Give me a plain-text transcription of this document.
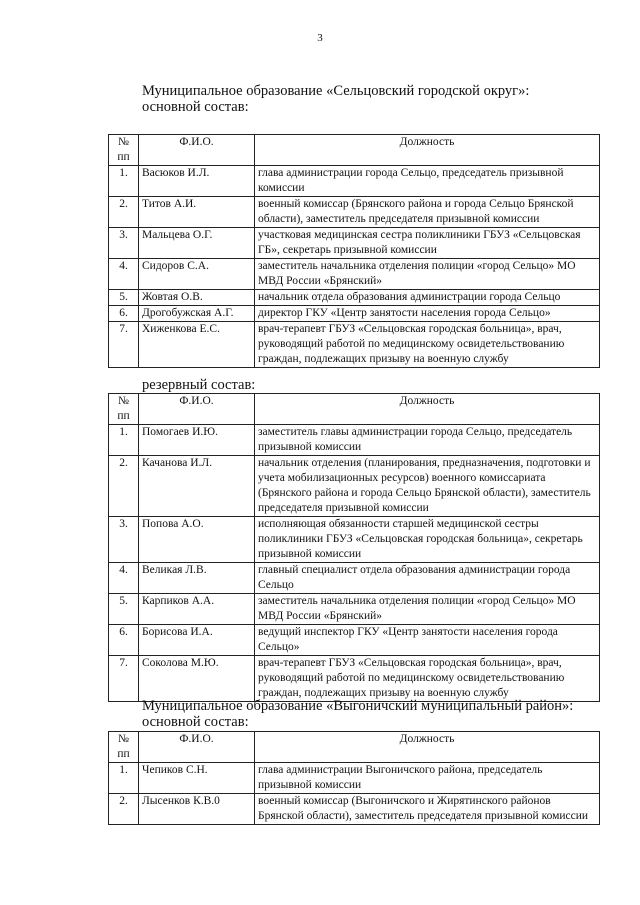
3
Муниципальное образование «Сельцовский городской округ»:
основной состав:
№ пп	Ф.И.О.	Должность
1.	Васюков И.Л.	глава администрации города Сельцо, председатель призывной комиссии
2.	Титов А.И.	военный комиссар (Брянского района и города Сельцо Брянской области), заместитель председателя призывной комиссии
3.	Мальцева О.Г.	участковая медицинская сестра поликлиники ГБУЗ «Сельцовская ГБ», секретарь призывной комиссии
4.	Сидоров С.А.	заместитель начальника отделения полиции «город Сельцо» МО МВД России «Брянский»
5.	Жовтая О.В.	начальник отдела образования администрации города Сельцо
6.	Дрогобужская А.Г.	директор ГКУ «Центр занятости населения города Сельцо»
7.	Хиженкова Е.С.	врач-терапевт ГБУЗ «Сельцовская городская больница», врач, руководящий работой по медицинскому освидетельствованию граждан, подлежащих призыву на военную службу
резервный состав:
№ пп	Ф.И.О.	Должность
1.	Помогаев И.Ю.	заместитель главы администрации города Сельцо, председатель призывной комиссии
2.	Качанова И.Л.	начальник отделения (планирования, предназначения, подготовки и учета мобилизационных ресурсов) военного комиссариата (Брянского района и города Сельцо Брянской области), заместитель председателя призывной комиссии
3.	Попова А.О.	исполняющая обязанности старшей медицинской сестры поликлиники ГБУЗ «Сельцовская городская больница», секретарь призывной комиссии
4.	Великая Л.В.	главный специалист отдела образования администрации города Сельцо
5.	Карпиков А.А.	заместитель начальника отделения полиции «город Сельцо» МО МВД России «Брянский»
6.	Борисова И.А.	ведущий инспектор ГКУ «Центр занятости населения города Сельцо»
7.	Соколова М.Ю.	врач-терапевт ГБУЗ «Сельцовская городская больница», врач, руководящий работой по медицинскому освидетельствованию граждан, подлежащих призыву на военную службу
Муниципальное образование «Выгоничский муниципальный район»:
основной состав:
№ пп	Ф.И.О.	Должность
1.	Чепиков С.Н.	глава администрации Выгоничского района, председатель призывной комиссии
2.	Лысенков К.В.0	военный комиссар (Выгоничского и Жирятинского районов Брянской области), заместитель председателя призывной комиссии
